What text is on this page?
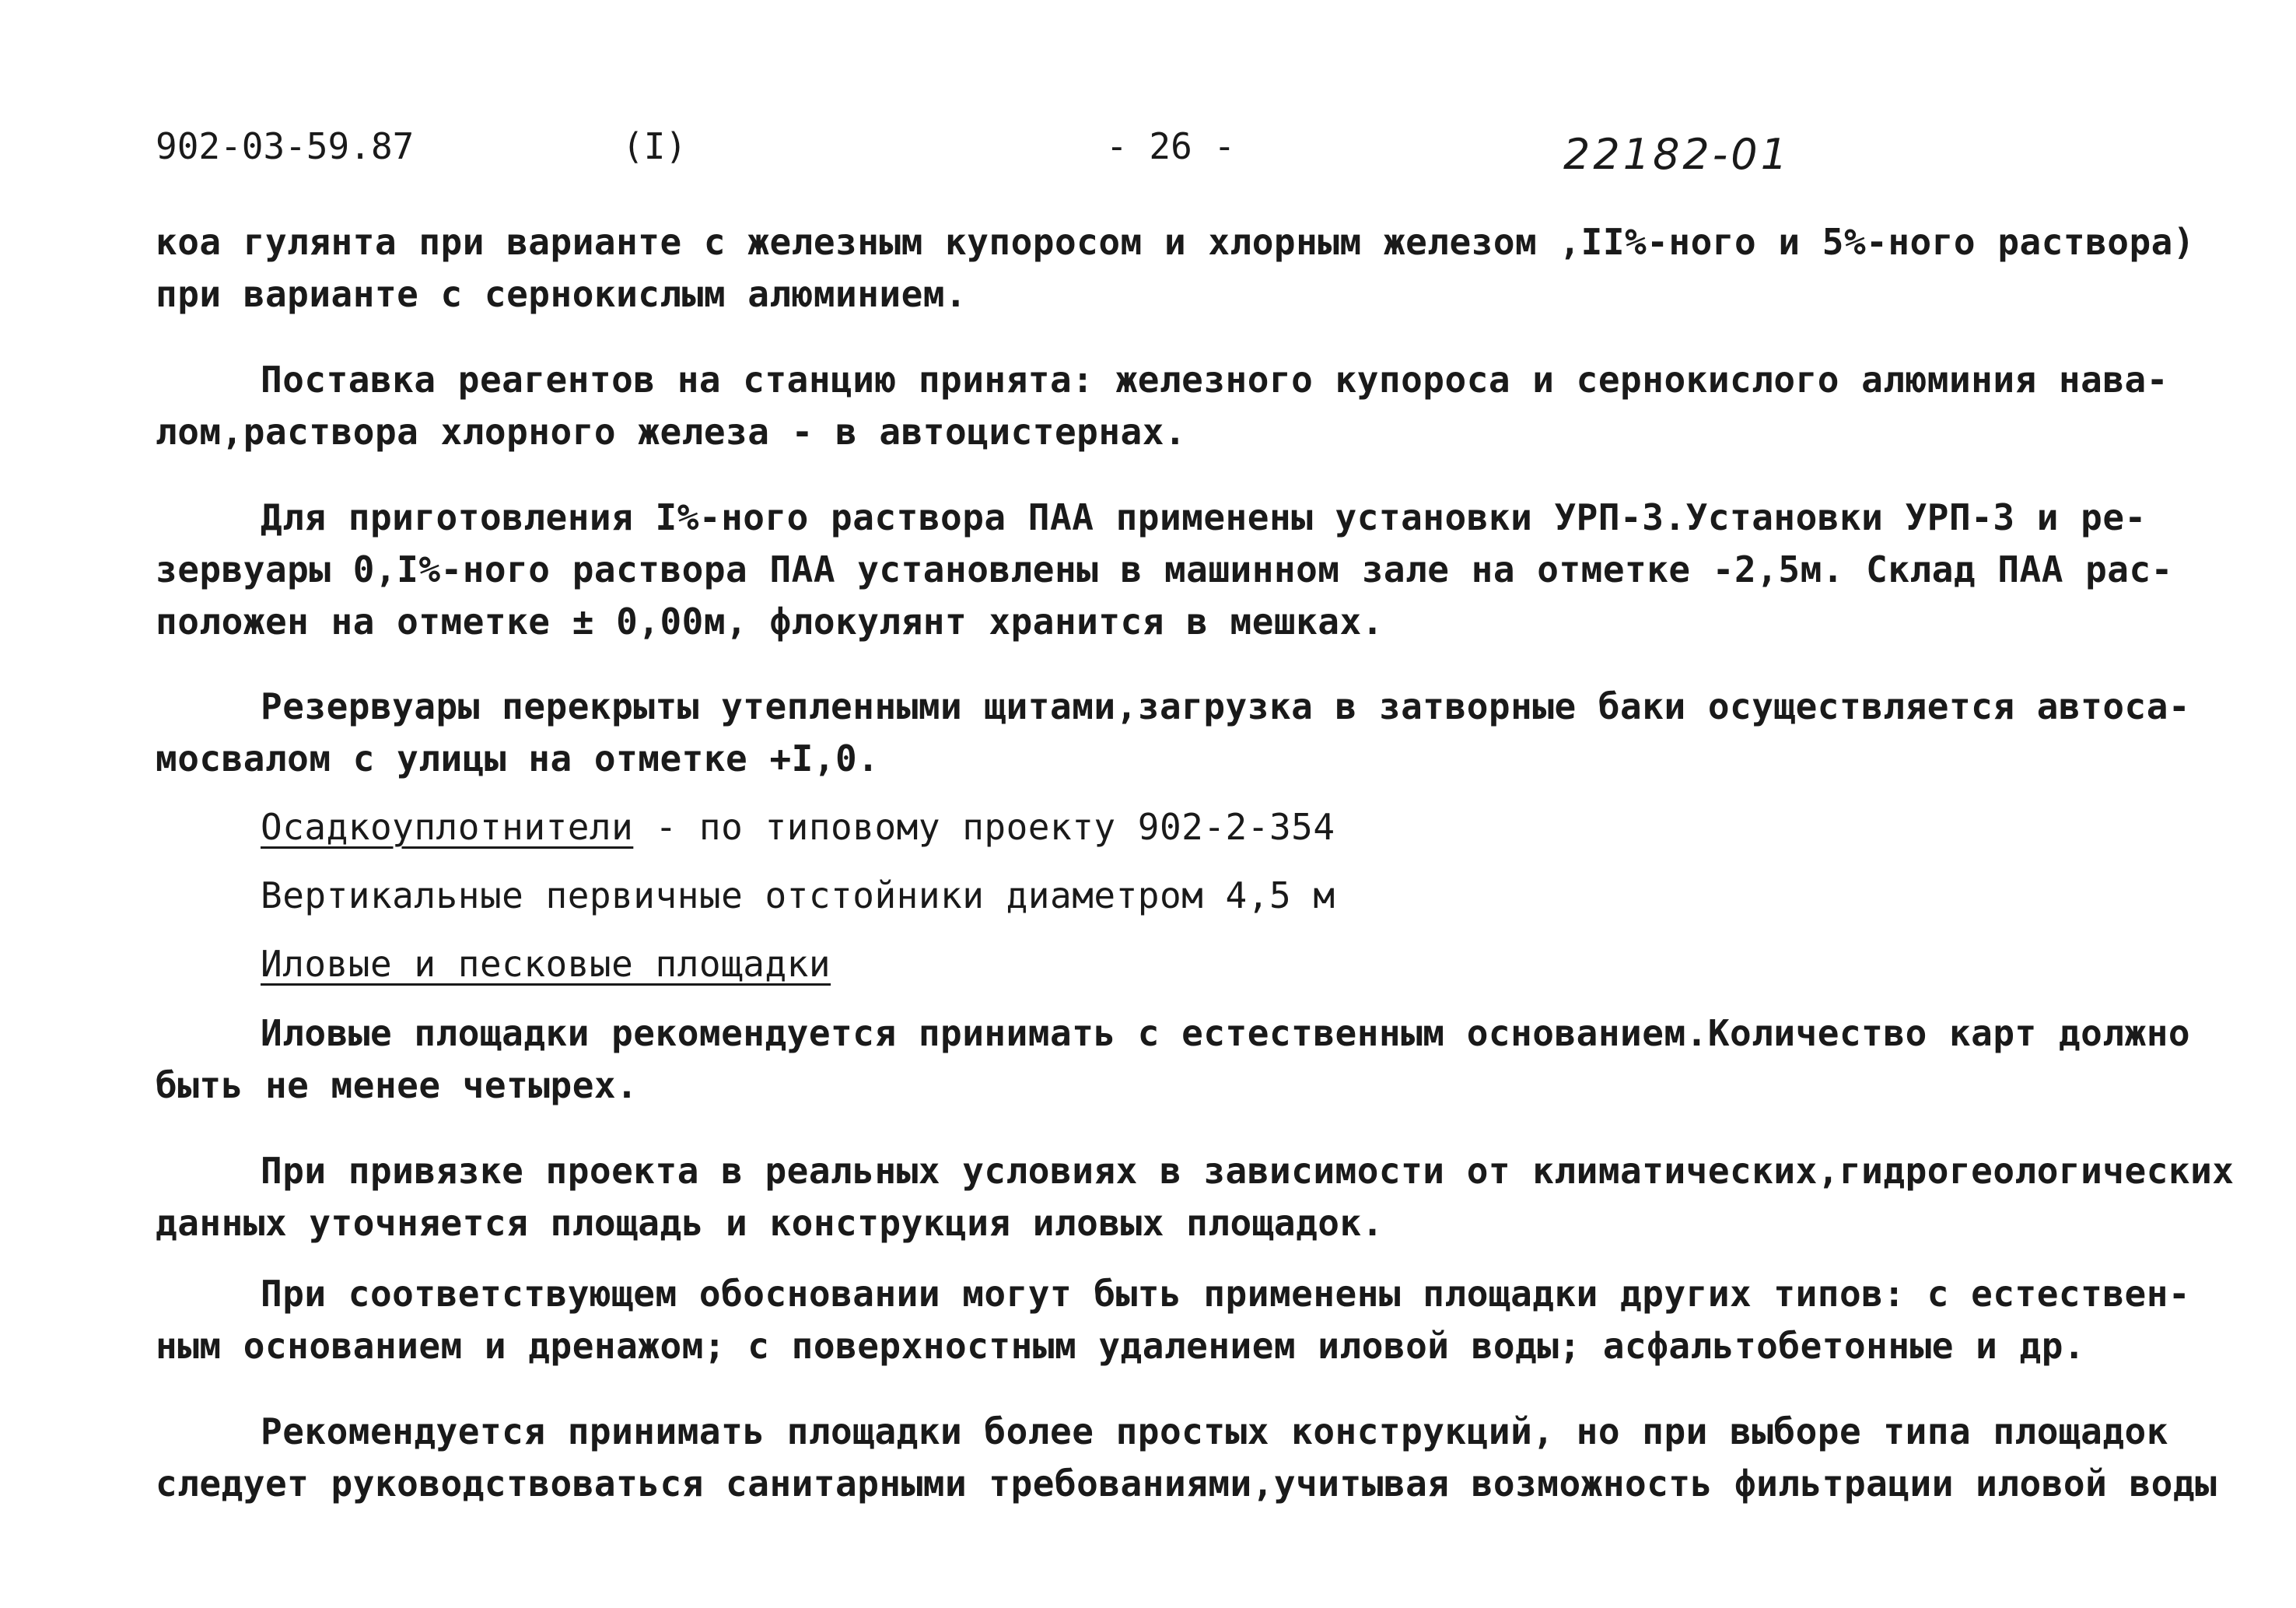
902-03-59.87	(I)	- 26 -	22182-01
коа гулянта при варианте с железным купоросом и хлорным железом ,II%-ного и 5%-ного раствора)
при варианте с сернокислым алюминием.
Поставка реагентов на станцию принята: железного купороса и сернокислого алюминия нава-
лом,раствора хлорного железа - в автоцистернах.
Для приготовления I%-ного раствора ПАА применены установки УРП-3.Установки УРП-3 и ре-
зервуары 0,I%-ного раствора ПАА установлены в машинном зале на отметке -2,5м. Склад ПАА рас-
положен на отметке ± 0,00м, флокулянт хранится в мешках.
Резервуары перекрыты утепленными щитами,загрузка в затворные баки осуществляется автоса-
мосвалом с улицы на отметке +I,0.
Осадкоуплотнители - по типовому проекту 902-2-354
Вертикальные первичные отстойники диаметром 4,5 м
Иловые и песковые площадки
Иловые площадки рекомендуется принимать с естественным основанием.Количество карт должно
быть не менее четырех.
При привязке проекта в реальных условиях в зависимости от климатических,гидрогеологических
данных уточняется площадь и конструкция иловых площадок.
При соответствующем обосновании могут быть применены площадки других типов: с естествен-
ным основанием и дренажом; с поверхностным удалением иловой воды; асфальтобетонные и др.
Рекомендуется принимать площадки более простых конструкций, но при выборе типа площадок
следует руководствоваться санитарными требованиями,учитывая возможность фильтрации иловой воды
